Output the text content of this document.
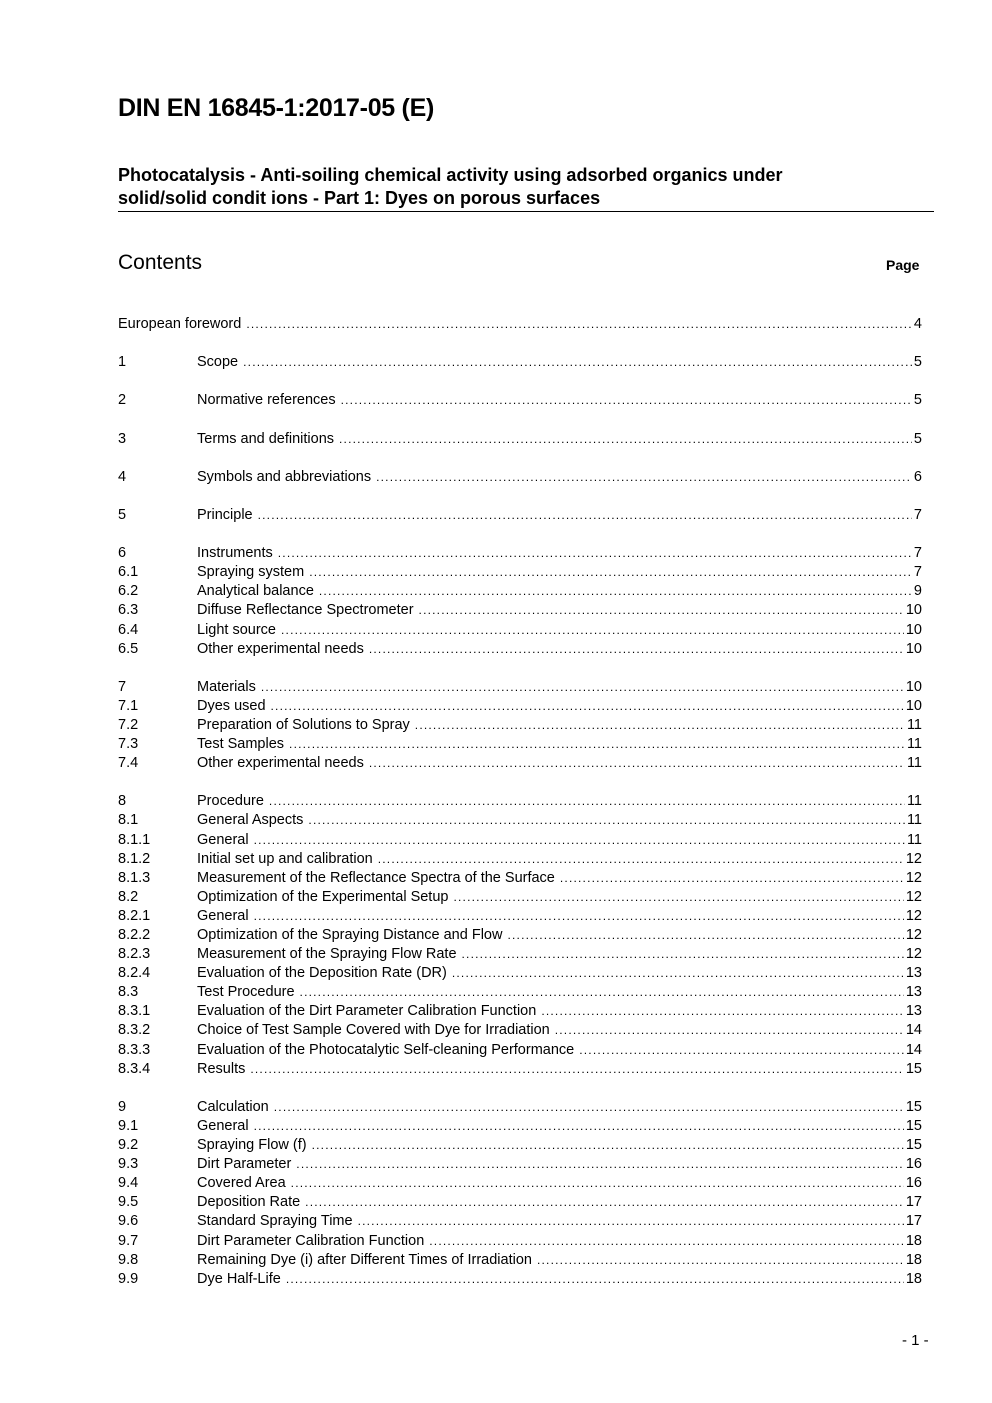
DIN EN 16845-1:2017-05 (E)
Photocatalysis - Anti-soiling chemical activity using adsorbed organics under
solid/solid condit ions - Part 1: Dyes on porous surfaces
Contents	Page
European foreword .....	4
1	Scope .....	5
2	Normative references .....	5
3	Terms and definitions .....	5
4	Symbols and abbreviations .....	6
5	Principle .....	7
6	Instruments .....	7
6.1	Spraying system .....	7
6.2	Analytical balance .....	9
6.3	Diffuse Reflectance Spectrometer .....	10
6.4	Light source .....	10
6.5	Other experimental needs .....	10
7	Materials .....	10
7.1	Dyes used .....	10
7.2	Preparation of Solutions to Spray .....	11
7.3	Test Samples .....	11
7.4	Other experimental needs .....	11
8	Procedure .....	11
8.1	General Aspects .....	11
8.1.1	General .....	11
8.1.2	Initial set up and calibration .....	12
8.1.3	Measurement of the Reflectance Spectra of the Surface .....	12
8.2	Optimization of the Experimental Setup .....	12
8.2.1	General .....	12
8.2.2	Optimization of the Spraying Distance and Flow .....	12
8.2.3	Measurement of the Spraying Flow Rate .....	12
8.2.4	Evaluation of the Deposition Rate (DR) .....	13
8.3	Test Procedure .....	13
8.3.1	Evaluation of the Dirt Parameter Calibration Function .....	13
8.3.2	Choice of Test Sample Covered with Dye for Irradiation .....	14
8.3.3	Evaluation of the Photocatalytic Self-cleaning Performance .....	14
8.3.4	Results .....	15
9	Calculation .....	15
9.1	General .....	15
9.2	Spraying Flow (f) .....	15
9.3	Dirt Parameter .....	16
9.4	Covered Area .....	16
9.5	Deposition Rate .....	17
9.6	Standard Spraying Time .....	17
9.7	Dirt Parameter Calibration Function .....	18
9.8	Remaining Dye (i) after Different Times of Irradiation .....	18
9.9	Dye Half-Life .....	18
- 1 -
